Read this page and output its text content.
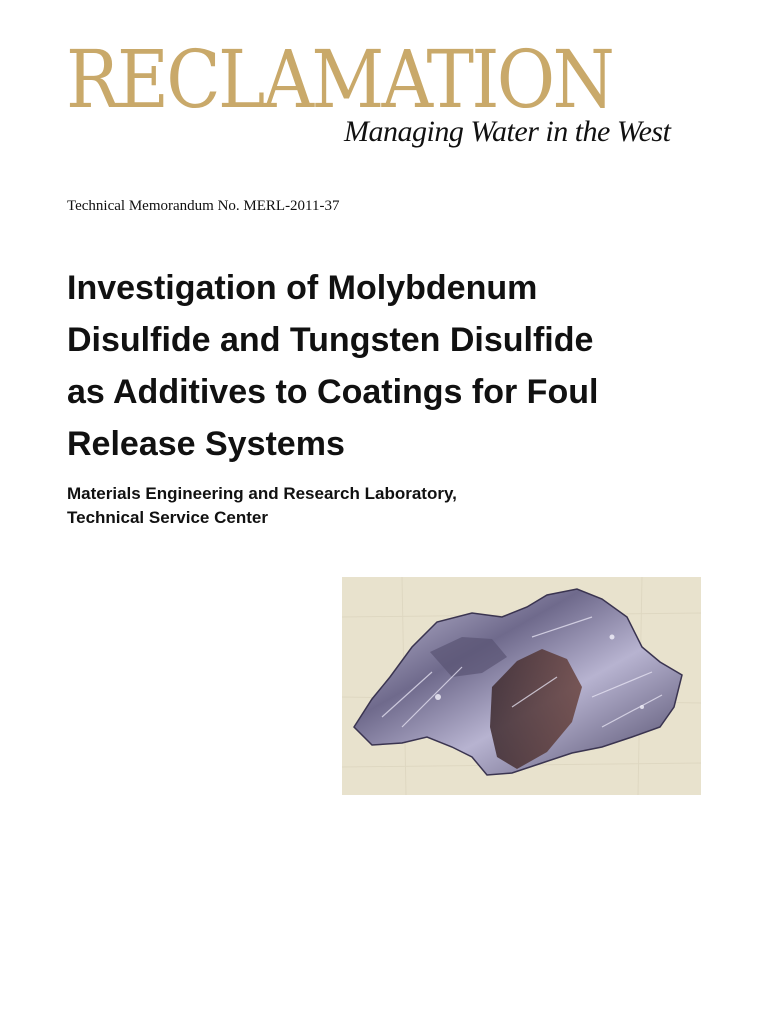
RECLAMATION
Managing Water in the West
Technical Memorandum No. MERL-2011-37
Investigation of Molybdenum
Disulfide and Tungsten Disulfide
as Additives to Coatings for Foul
Release Systems
Materials Engineering and Research Laboratory,
Technical Service Center
